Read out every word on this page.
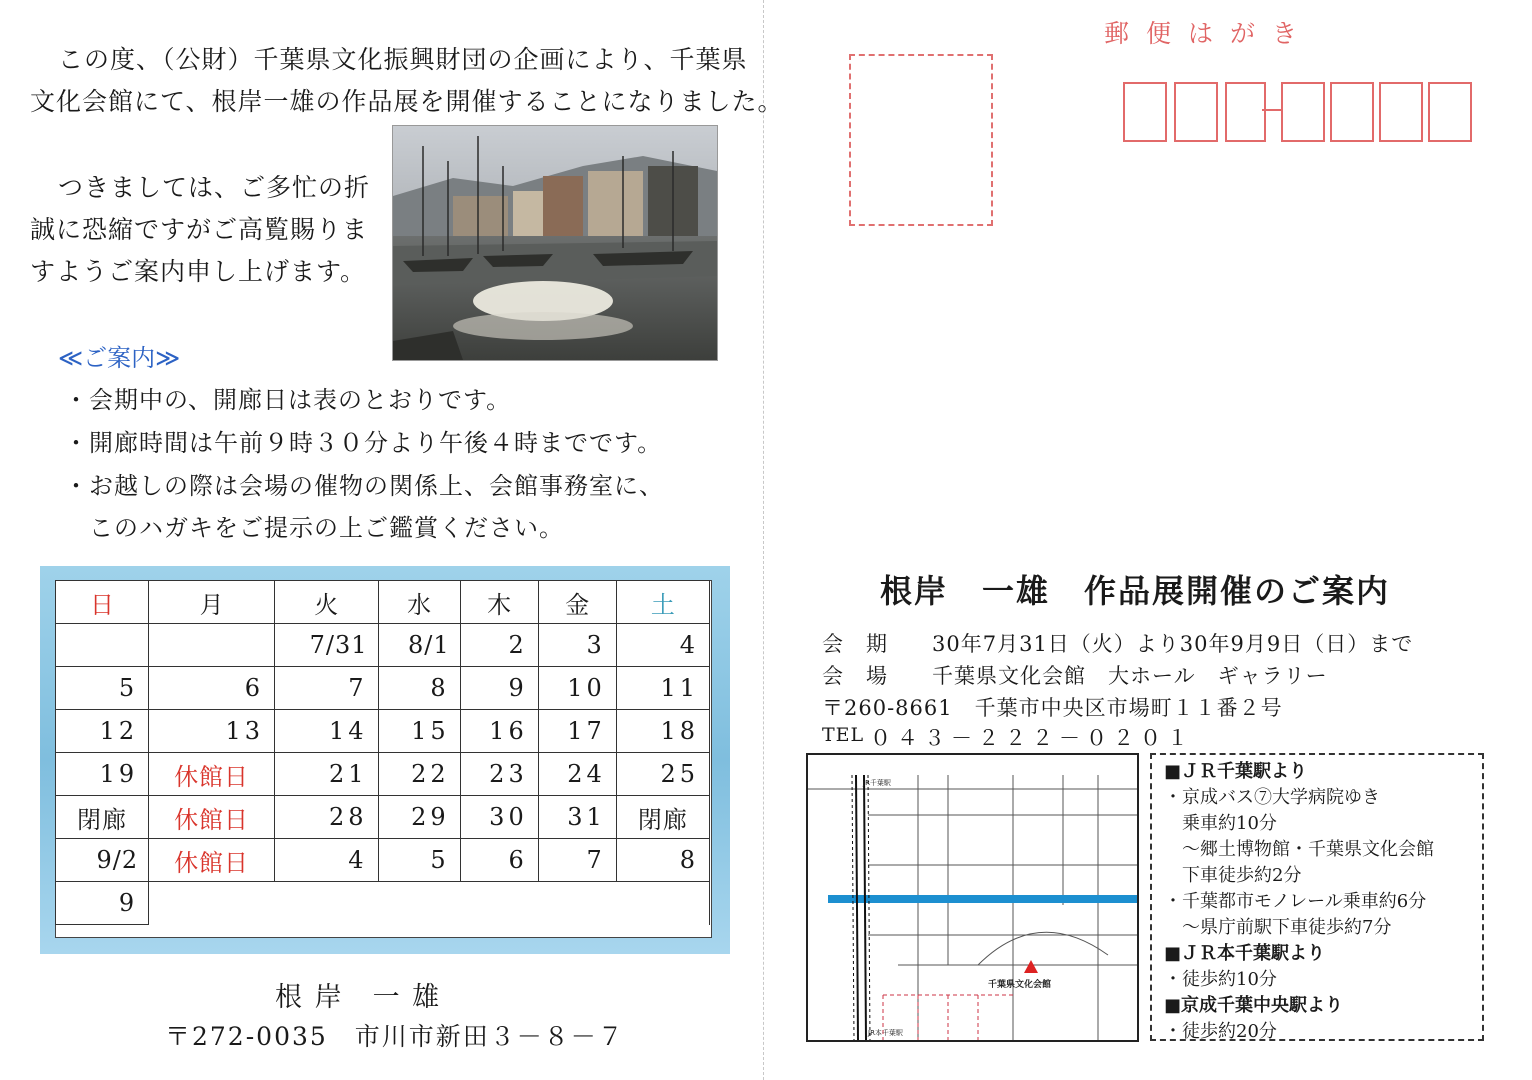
この度、（公財）千葉県文化振興財団の企画により、千葉県
文化会館にて、根岸一雄の作品展を開催することになりました。
つきましては、ご多忙の折
誠に恐縮ですがご高覧賜りま
すようご案内申し上げます。
≪ご案内≫
・会期中の、開廊日は表のとおりです。
・開廊時間は午前９時３０分より午後４時までです。
・お越しの際は会場の催物の関係上、会館事務室に、
　このハガキをご提示の上ご鑑賞ください。
日	月	火	水	木	金	土
		7/31	8/1	2	3	4
5	6	7	8	9	10	11
12	13	14	15	16	17	18
19	休館日	21	22	23	24	25
閉廊	休館日	28	29	30	31	閉廊
9/2	休館日	4	5	6	7	8
9						
根 岸　一 雄
〒272-0035　市川市新田３－８－７
郵便はがき
根岸　一雄　作品展開催のご案内
会　期 30年7月31日（火）より30年9月9日（日）まで
会　場 千葉県文化会館　大ホール　ギャラリー
〒260-8661　千葉市中央区市場町１１番２号
TEL ０４３－２２２－０２０１
JR千葉駅
JR本千葉駅
千葉県文化会館
■ＪＲ千葉駅より
・京成バス⑦大学病院ゆき
　乗車約10分
　～郷土博物館・千葉県文化会館
　下車徒歩約2分
・千葉都市モノレール乗車約6分
　～県庁前駅下車徒歩約7分
■ＪＲ本千葉駅より
・徒歩約10分
■京成千葉中央駅より
・徒歩約20分
